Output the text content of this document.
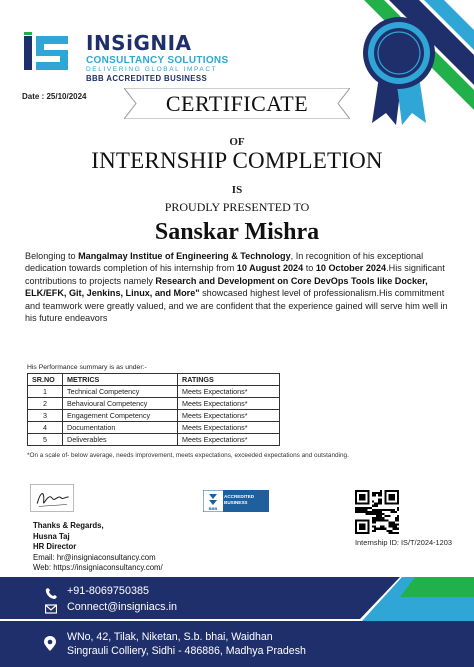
INSiGNIA
CONSULTANCY SOLUTIONS
DELIVERING GLOBAL IMPACT
BBB ACCREDITED BUSINESS
Date : 25/10/2024	CERTIFICATE
OF
INTERNSHIP COMPLETION
IS
PROUDLY PRESENTED TO
Sanskar Mishra
Belonging to Mangalmay Institue of Engineering & Technology, In recognition of his exceptional dedication towards completion of his internship from 10 August 2024 to 10 October 2024.His significant contributions to projects namely Research and Development on Core DevOps Tools like Docker, ELK/EFK, Git, Jenkins, Linux, and More" showcased highest level of professionalism.His commitment and teamwork were greatly valued, and we are confident that the experience gained will serve him well in his future endeavors
His Performance summary is as under:-
SR.NO	METRICS	RATINGS
1	Technical Competency	Meets Expectations*
2	Behavioural Competency	Meets Expectations*
3	Engagement Competency	Meets Expectations*
4	Documentation	Meets Expectations*
5	Deliverables	Meets Expectations*
*On a scale of- below average, needs improvement, meets expectations, exceeded expectations and outstanding.
BBB
ACCREDITED BUSINESS
Internship ID: IS/T/2024-1203
Thanks & Regards,
Husna Taj
HR Director
Email: hr@insigniaconsultancy.com
Web: https://insigniaconsultancy.com/
+91-8069750385
Connect@insigniacs.in
WNo, 42, Tilak, Niketan, S.b. bhai, Waidhan
Singrauli Colliery, Sidhi - 486886, Madhya Pradesh
